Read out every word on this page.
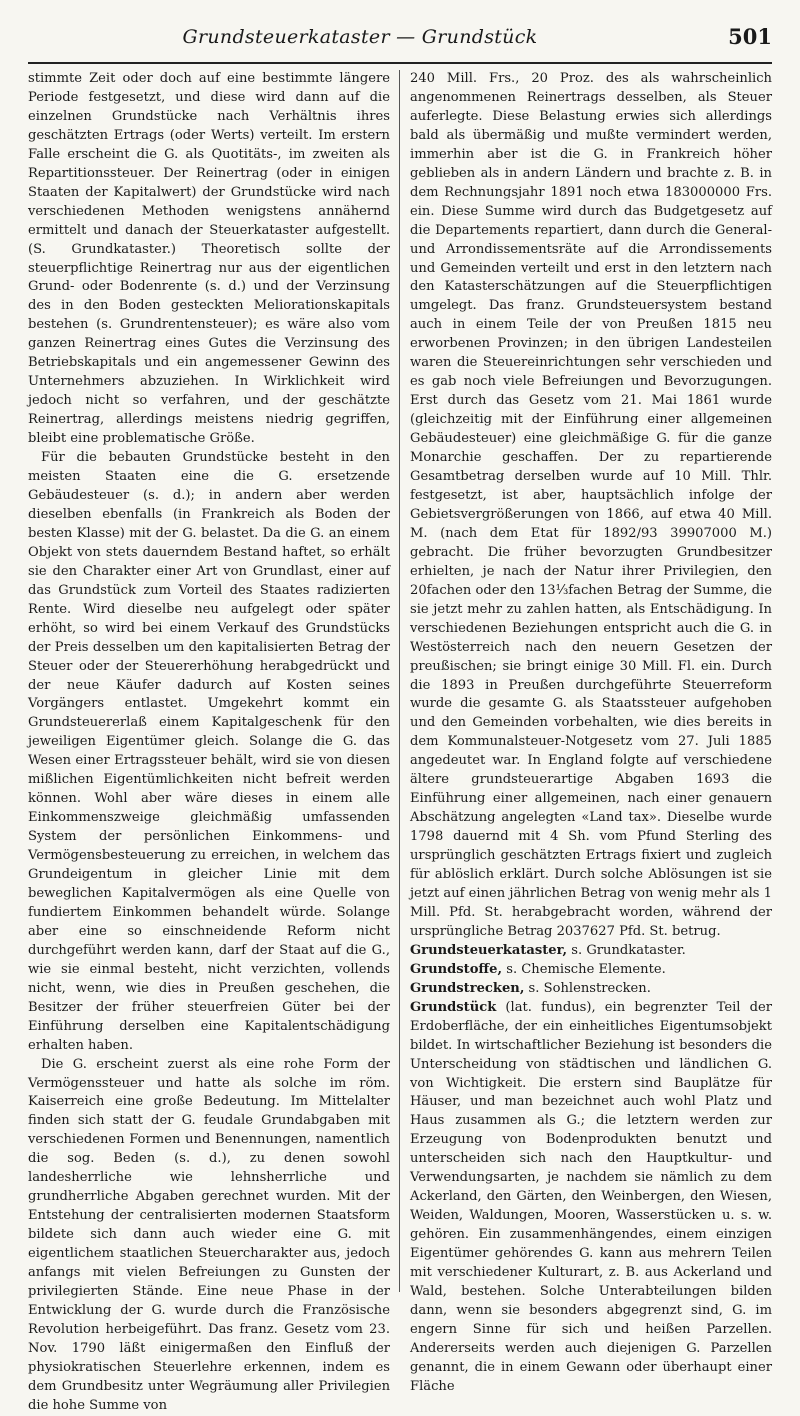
Grundsteuerkataster — Grundstück	501

stimmte Zeit oder doch auf eine bestimmte längere Periode festgesetzt, und diese wird dann auf die einzelnen Grundstücke nach Verhältnis ihres geschätzten Ertrags (oder Werts) verteilt. Im erstern Falle erscheint die G. als Quotitäts-, im zweiten als Repartitionssteuer. Der Reinertrag (oder in einigen Staaten der Kapitalwert) der Grundstücke wird nach verschiedenen Methoden wenigstens annähernd ermittelt und danach der Steuerkataster aufgestellt. (S. Grundkataster.) Theoretisch sollte der steuerpflichtige Reinertrag nur aus der eigentlichen Grund- oder Bodenrente (s. d.) und der Verzinsung des in den Boden gesteckten Meliorationskapitals bestehen (s. Grundrentensteuer); es wäre also vom ganzen Reinertrag eines Gutes die Verzinsung des Betriebskapitals und ein angemessener Gewinn des Unternehmers abzuziehen. In Wirklichkeit wird jedoch nicht so verfahren, und der geschätzte Reinertrag, allerdings meistens niedrig gegriffen, bleibt eine problematische Größe.

Für die bebauten Grundstücke besteht in den meisten Staaten eine die G. ersetzende Gebäudesteuer (s. d.); in andern aber werden dieselben ebenfalls (in Frankreich als Boden der besten Klasse) mit der G. belastet. Da die G. an einem Objekt von stets dauerndem Bestand haftet, so erhält sie den Charakter einer Art von Grundlast, einer auf das Grundstück zum Vorteil des Staates radizierten Rente. Wird dieselbe neu aufgelegt oder später erhöht, so wird bei einem Verkauf des Grundstücks der Preis desselben um den kapitalisierten Betrag der Steuer oder der Steuererhöhung herabgedrückt und der neue Käufer dadurch auf Kosten seines Vorgängers entlastet. Umgekehrt kommt ein Grundsteuererlaß einem Kapitalgeschenk für den jeweiligen Eigentümer gleich. Solange die G. das Wesen einer Ertragssteuer behält, wird sie von diesen mißlichen Eigentümlichkeiten nicht befreit werden können. Wohl aber wäre dieses in einem alle Einkommenszweige gleichmäßig umfassenden System der persönlichen Einkommens- und Vermögensbesteuerung zu erreichen, in welchem das Grundeigentum in gleicher Linie mit dem beweglichen Kapitalvermögen als eine Quelle von fundiertem Einkommen behandelt würde. Solange aber eine so einschneidende Reform nicht durchgeführt werden kann, darf der Staat auf die G., wie sie einmal besteht, nicht verzichten, vollends nicht, wenn, wie dies in Preußen geschehen, die Besitzer der früher steuerfreien Güter bei der Einführung derselben eine Kapitalentschädigung erhalten haben.

Die G. erscheint zuerst als eine rohe Form der Vermögenssteuer und hatte als solche im röm. Kaiserreich eine große Bedeutung. Im Mittelalter finden sich statt der G. feudale Grundabgaben mit verschiedenen Formen und Benennungen, namentlich die sog. Beden (s. d.), zu denen sowohl landesherrliche wie lehnsherrliche und grundherrliche Abgaben gerechnet wurden. Mit der Entstehung der centralisierten modernen Staatsform bildete sich dann auch wieder eine G. mit eigentlichem staatlichen Steuercharakter aus, jedoch anfangs mit vielen Befreiungen zu Gunsten der privilegierten Stände. Eine neue Phase in der Entwicklung der G. wurde durch die Französische Revolution herbeigeführt. Das franz. Gesetz vom 23. Nov. 1790 läßt einigermaßen den Einfluß der physiokratischen Steuerlehre erkennen, indem es dem Grundbesitz unter Wegräumung aller Privilegien die hohe Summe von

240 Mill. Frs., 20 Proz. des als wahrscheinlich angenommenen Reinertrags desselben, als Steuer auferlegte. Diese Belastung erwies sich allerdings bald als übermäßig und mußte vermindert werden, immerhin aber ist die G. in Frankreich höher geblieben als in andern Ländern und brachte z. B. in dem Rechnungsjahr 1891 noch etwa 183000000 Frs. ein. Diese Summe wird durch das Budgetgesetz auf die Departements repartiert, dann durch die General- und Arrondissementsräte auf die Arrondissements und Gemeinden verteilt und erst in den letztern nach den Katasterschätzungen auf die Steuerpflichtigen umgelegt. Das franz. Grundsteuersystem bestand auch in einem Teile der von Preußen 1815 neu erworbenen Provinzen; in den übrigen Landesteilen waren die Steuereinrichtungen sehr verschieden und es gab noch viele Befreiungen und Bevorzugungen. Erst durch das Gesetz vom 21. Mai 1861 wurde (gleichzeitig mit der Einführung einer allgemeinen Gebäudesteuer) eine gleichmäßige G. für die ganze Monarchie geschaffen. Der zu repartierende Gesamtbetrag derselben wurde auf 10 Mill. Thlr. festgesetzt, ist aber, hauptsächlich infolge der Gebietsvergrößerungen von 1866, auf etwa 40 Mill. M. (nach dem Etat für 1892/93 39907000 M.) gebracht. Die früher bevorzugten Grundbesitzer erhielten, je nach der Natur ihrer Privilegien, den 20fachen oder den 13⅓fachen Betrag der Summe, die sie jetzt mehr zu zahlen hatten, als Entschädigung. In verschiedenen Beziehungen entspricht auch die G. in Westösterreich nach den neuern Gesetzen der preußischen; sie bringt einige 30 Mill. Fl. ein. Durch die 1893 in Preußen durchgeführte Steuerreform wurde die gesamte G. als Staatssteuer aufgehoben und den Gemeinden vorbehalten, wie dies bereits in dem Kommunalsteuer-Notgesetz vom 27. Juli 1885 angedeutet war. In England folgte auf verschiedene ältere grundsteuerartige Abgaben 1693 die Einführung einer allgemeinen, nach einer genauern Abschätzung angelegten «Land tax». Dieselbe wurde 1798 dauernd mit 4 Sh. vom Pfund Sterling des ursprünglich geschätzten Ertrags fixiert und zugleich für ablöslich erklärt. Durch solche Ablösungen ist sie jetzt auf einen jährlichen Betrag von wenig mehr als 1 Mill. Pfd. St. herabgebracht worden, während der ursprüngliche Betrag 2037627 Pfd. St. betrug.

Grundsteuerkataster, s. Grundkataster.

Grundstoffe, s. Chemische Elemente.

Grundstrecken, s. Sohlenstrecken.

Grundstück (lat. fundus), ein begrenzter Teil der Erdoberfläche, der ein einheitliches Eigentumsobjekt bildet. In wirtschaftlicher Beziehung ist besonders die Unterscheidung von städtischen und ländlichen G. von Wichtigkeit. Die erstern sind Bauplätze für Häuser, und man bezeichnet auch wohl Platz und Haus zusammen als G.; die letztern werden zur Erzeugung von Bodenprodukten benutzt und unterscheiden sich nach den Hauptkultur- und Verwendungsarten, je nachdem sie nämlich zu dem Ackerland, den Gärten, den Weinbergen, den Wiesen, Weiden, Waldungen, Mooren, Wasserstücken u. s. w. gehören. Ein zusammenhängendes, einem einzigen Eigentümer gehörendes G. kann aus mehrern Teilen mit verschiedener Kulturart, z. B. aus Ackerland und Wald, bestehen. Solche Unterabteilungen bilden dann, wenn sie besonders abgegrenzt sind, G. im engern Sinne für sich und heißen Parzellen. Andererseits werden auch diejenigen G. Parzellen genannt, die in einem Gewann oder überhaupt einer Fläche
